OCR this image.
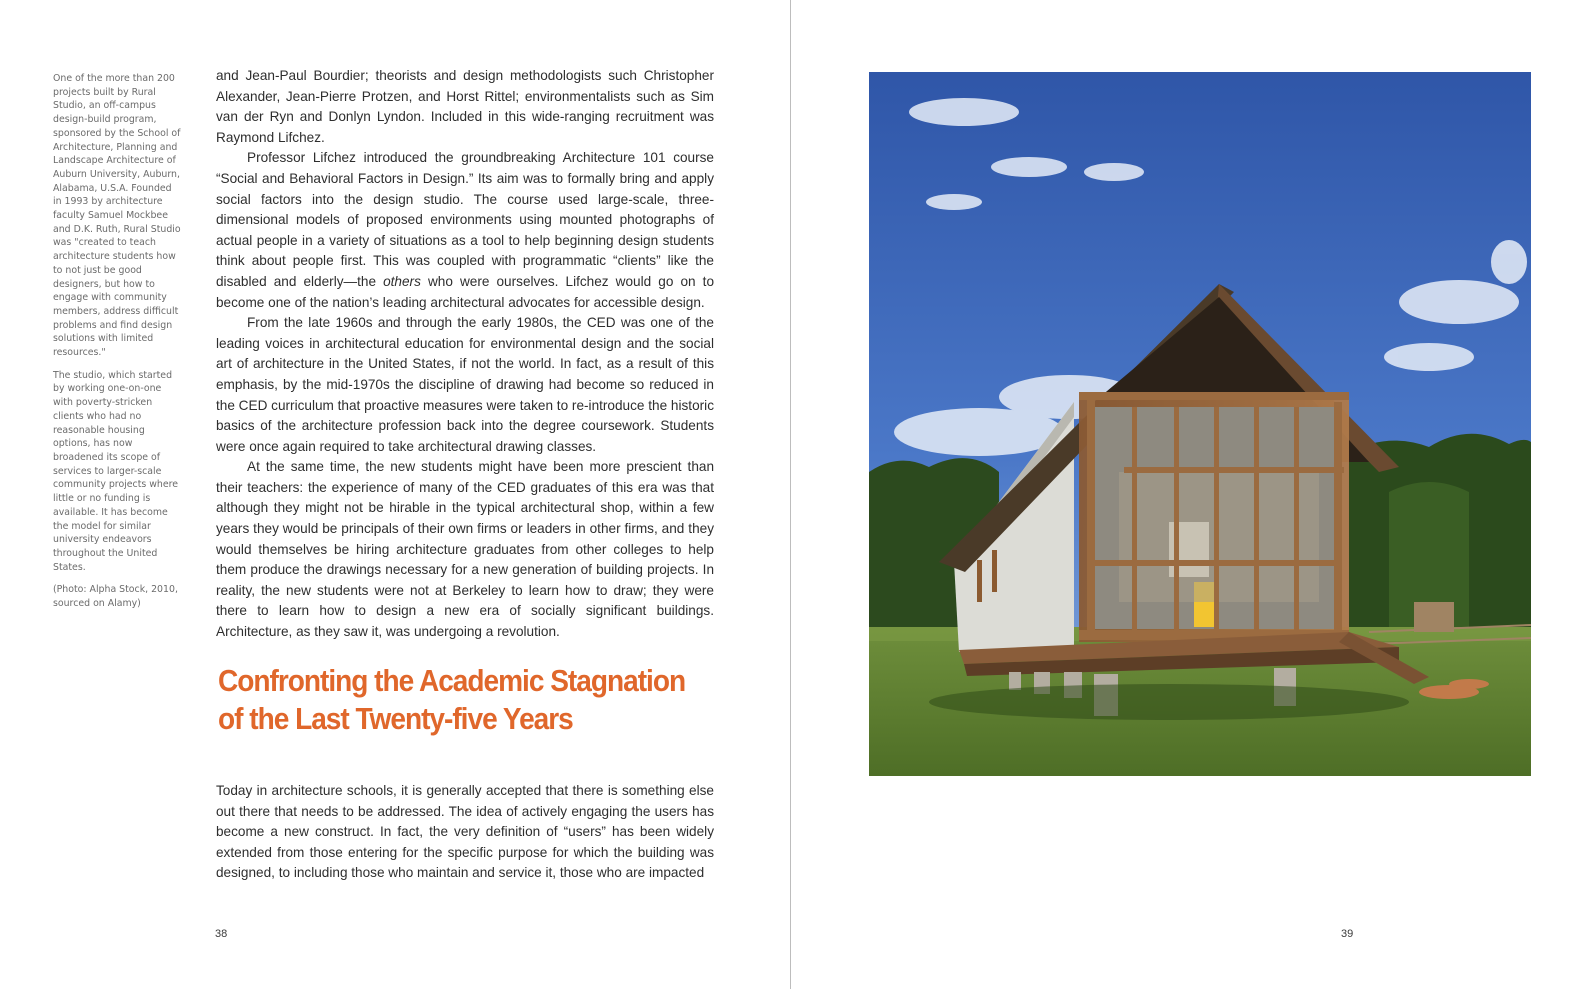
One of the more than 200 projects built by Rural Studio, an off-campus design-build program, sponsored by the School of Architecture, Planning and Landscape Architecture of Auburn University, Auburn, Alabama, U.S.A. Founded in 1993 by architecture faculty Samuel Mockbee and D.K. Ruth, Rural Studio was "created to teach architecture students how to not just be good designers, but how to engage with community members, address difficult problems and find design solutions with limited resources."

The studio, which started by working one-on-one with poverty-stricken clients who had no reasonable housing options, has now broadened its scope of services to larger-scale community projects where little or no funding is available. It has become the model for similar university endeavors throughout the United States.

(Photo: Alpha Stock, 2010, sourced on Alamy)

and Jean-Paul Bourdier; theorists and design methodologists such Christopher Alexander, Jean-Pierre Protzen, and Horst Rittel; environmentalists such as Sim van der Ryn and Donlyn Lyndon. Included in this wide-ranging recruitment was Raymond Lifchez.

Professor Lifchez introduced the groundbreaking Architecture 101 course “Social and Behavioral Factors in Design.” Its aim was to formally bring and apply social factors into the design studio. The course used large-scale, three-dimensional models of proposed environments using mounted photographs of actual people in a variety of situations as a tool to help beginning design students think about people first. This was coupled with programmatic “clients” like the disabled and elderly—the others who were ourselves. Lifchez would go on to become one of the nation’s leading architectural advocates for accessible design.

From the late 1960s and through the early 1980s, the CED was one of the leading voices in architectural education for environmental design and the social art of architecture in the United States, if not the world. In fact, as a result of this emphasis, by the mid-1970s the discipline of drawing had become so reduced in the CED curriculum that proactive measures were taken to re-introduce the historic basics of the architecture profession back into the degree coursework. Students were once again required to take architectural drawing classes.

At the same time, the new students might have been more prescient than their teachers: the experience of many of the CED graduates of this era was that although they might not be hirable in the typical architectural shop, within a few years they would be principals of their own firms or leaders in other firms, and they would themselves be hiring architecture graduates from other colleges to help them produce the drawings necessary for a new generation of building projects. In reality, the new students were not at Berkeley to learn how to draw; they were there to learn how to design a new era of socially significant buildings. Architecture, as they saw it, was undergoing a revolution.

Confronting the Academic Stagnation
of the Last Twenty-five Years

Today in architecture schools, it is generally accepted that there is something else out there that needs to be addressed. The idea of actively engaging the users has become a new construct. In fact, the very definition of “users” has been widely extended from those entering for the specific purpose for which the building was designed, to including those who maintain and service it, those who are impacted

38	39
